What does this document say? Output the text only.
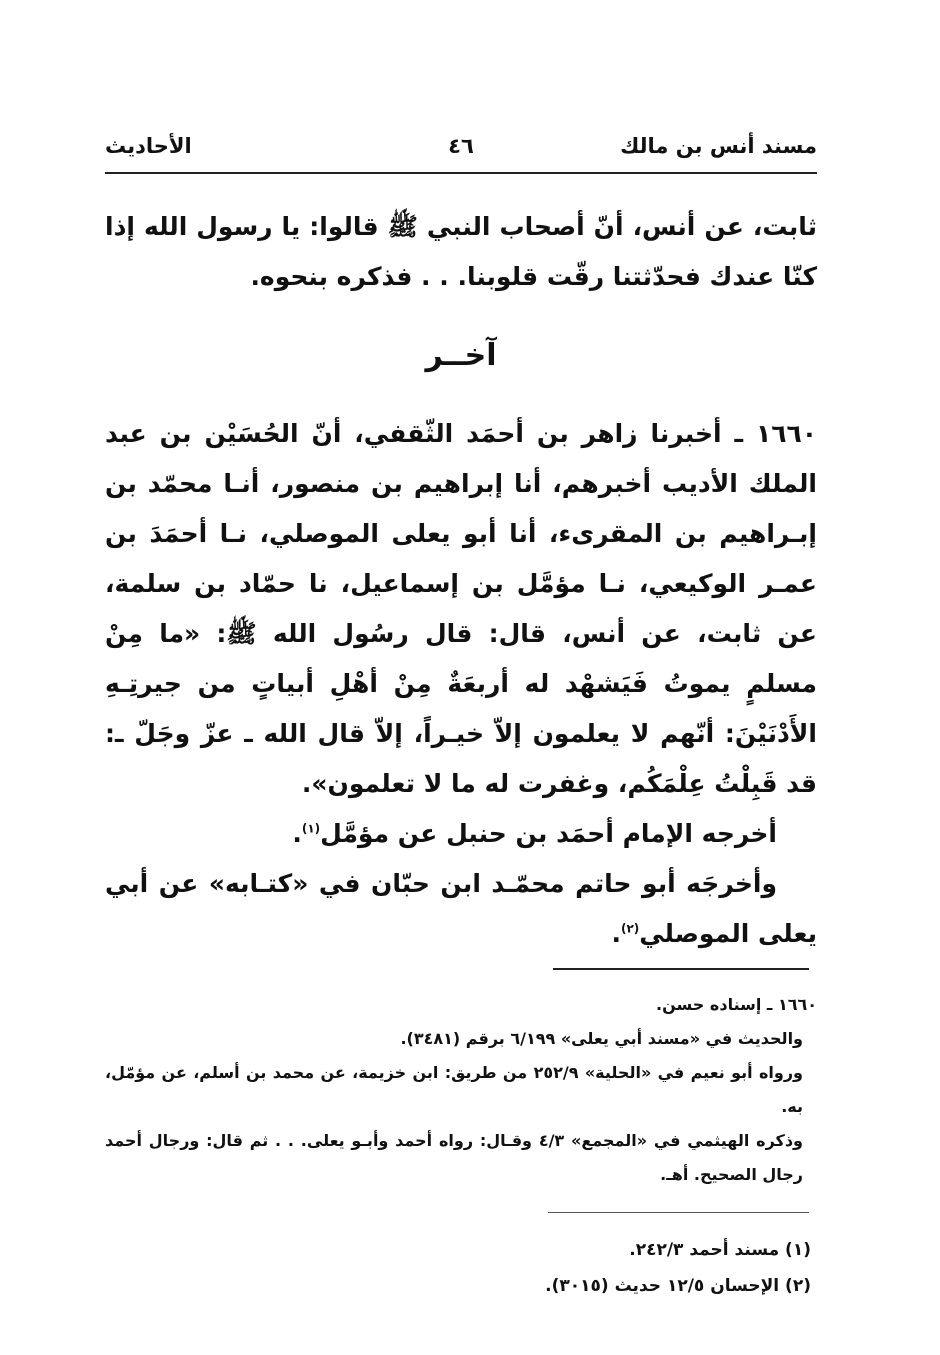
مسند أنس بن مالك
٤٦
الأحاديث

ثابت، عن أنس، أنّ أصحاب النبي ﷺ قالوا: يا رسول الله إذا كنّا عندك فحدّثتنا رقّت قلوبنا. . . فذكره بنحوه.

آخــر

١٦٦٠ ـ أخبرنا زاهر بن أحمَد الثّقفي، أنّ الحُسَيْن بن عبد الملك الأديب أخبرهم، أنا إبراهيم بن منصور، أنـا محمّد بن إبـراهيم بن المقرىء، أنا أبو يعلى الموصلي، نـا أحمَدَ بن عمـر الوكيعي، نـا مؤمَّل بن إسماعيل، نا حمّاد بن سلمة، عن ثابت، عن أنس، قال: قال رسُول الله ﷺ: «ما مِنْ مسلمٍ يموتُ فَيَشهْد له أربعَةٌ مِنْ أهْلِ أبياتٍ من جيرتِـهِ الأَدْنَيْنَ: أنّهم لا يعلمون إلاّ خيـراً، إلاّ قال الله ـ عزّ وجَلّ ـ: قد قَبِلْتُ عِلْمَكُم، وغفرت له ما لا تعلمون».

أخرجه الإمام أحمَد بن حنبل عن مؤمَّل$^{(١)}$.

وأخرجَه أبو حاتم محمّـد ابن حبّان في «كتـابه» عن أبي يعلى الموصلي$^{(٢)}$.

١٦٦٠ ـ إسناده حسن.

والحديث في «مسند أبي يعلى» ٦/١٩٩ برقم (٣٤٨١).

ورواه أبو نعيم في «الحلية» ٢٥٢/٩ من طريق: ابن خزيمة، عن محمد بن أسلم، عن مؤمّل، به.

وذكره الهيثمي في «المجمع» ٤/٣ وقـال: رواه أحمد وأبـو يعلى. . . ثم قال: ورجال أحمد رجال الصحيح. أهـ.

(١) مسند أحمد ٢٤٢/٣.

(٢) الإحسان ١٢/٥ حديث (٣٠١٥).
